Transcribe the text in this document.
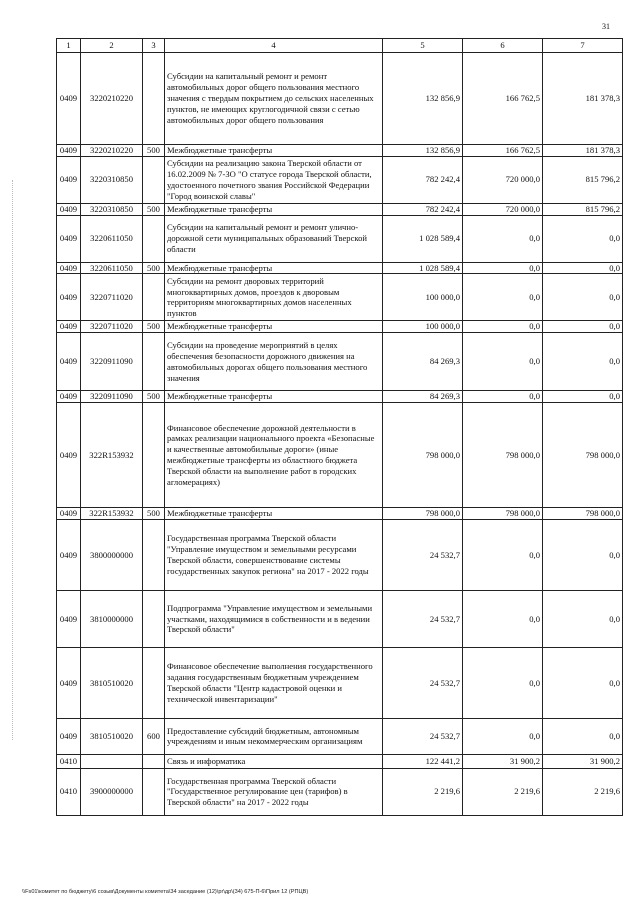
31
1	2	3	4	5	6	7
0409	3220210220		Субсидии на капитальный ремонт и ремонт автомобильных дорог общего пользования местного значения с твердым покрытием до сельских населенных пунктов, не имеющих круглогодичной связи с сетью автомобильных дорог общего пользования	132 856,9	166 762,5	181 378,3
0409	3220210220	500	Межбюджетные трансферты	132 856,9	166 762,5	181 378,3
0409	3220310850		Субсидии на реализацию закона Тверской области от 16.02.2009 № 7-ЗО "О статусе города Тверской области, удостоенного почетного звания Российской Федерации "Город воинской славы"	782 242,4	720 000,0	815 796,2
0409	3220310850	500	Межбюджетные трансферты	782 242,4	720 000,0	815 796,2
0409	3220611050		Субсидии на капитальный ремонт и ремонт улично-дорожной сети муниципальных образований Тверской области	1 028 589,4	0,0	0,0
0409	3220611050	500	Межбюджетные трансферты	1 028 589,4	0,0	0,0
0409	3220711020		Субсидии на ремонт дворовых территорий многоквартирных домов, проездов к дворовым территориям многоквартирных домов населенных пунктов	100 000,0	0,0	0,0
0409	3220711020	500	Межбюджетные трансферты	100 000,0	0,0	0,0
0409	3220911090		Субсидии на проведение мероприятий в целях обеспечения безопасности дорожного движения на автомобильных дорогах общего пользования местного значения	84 269,3	0,0	0,0
0409	3220911090	500	Межбюджетные трансферты	84 269,3	0,0	0,0
0409	322R153932		Финансовое обеспечение дорожной деятельности в рамках реализации национального проекта «Безопасные и качественные автомобильные дороги» (иные межбюджетные трансферты из областного бюджета Тверской области на выполнение работ в городских агломерациях)	798 000,0	798 000,0	798 000,0
0409	322R153932	500	Межбюджетные трансферты	798 000,0	798 000,0	798 000,0
0409	3800000000		Государственная программа Тверской области "Управление имуществом и земельными ресурсами Тверской области, совершенствование системы государственных закупок региона" на 2017 - 2022 годы	24 532,7	0,0	0,0
0409	3810000000		Подпрограмма "Управление имуществом и земельными участками, находящимися в собственности и в ведении Тверской области"	24 532,7	0,0	0,0
0409	3810510020		Финансовое обеспечение выполнения государственного задания государственным бюджетным учреждением Тверской области "Центр кадастровой оценки и технической инвентаризации"	24 532,7	0,0	0,0
0409	3810510020	600	Предоставление субсидий бюджетным, автономным учреждениям и иным некоммерческим организациям	24 532,7	0,0	0,0
0410			Связь и информатика	122 441,2	31 900,2	31 900,2
0410	3900000000		Государственная программа Тверской области "Государственное регулирование цен (тарифов) в Тверской области" на 2017 - 2022 годы	2 219,6	2 219,6	2 219,6
\\Fs01\комитет по бюджету\6 созыв\Документы комитета\34 заседание (12)\pr\др\(34) 675-П-6\Прил 12 (РПЦВ)
